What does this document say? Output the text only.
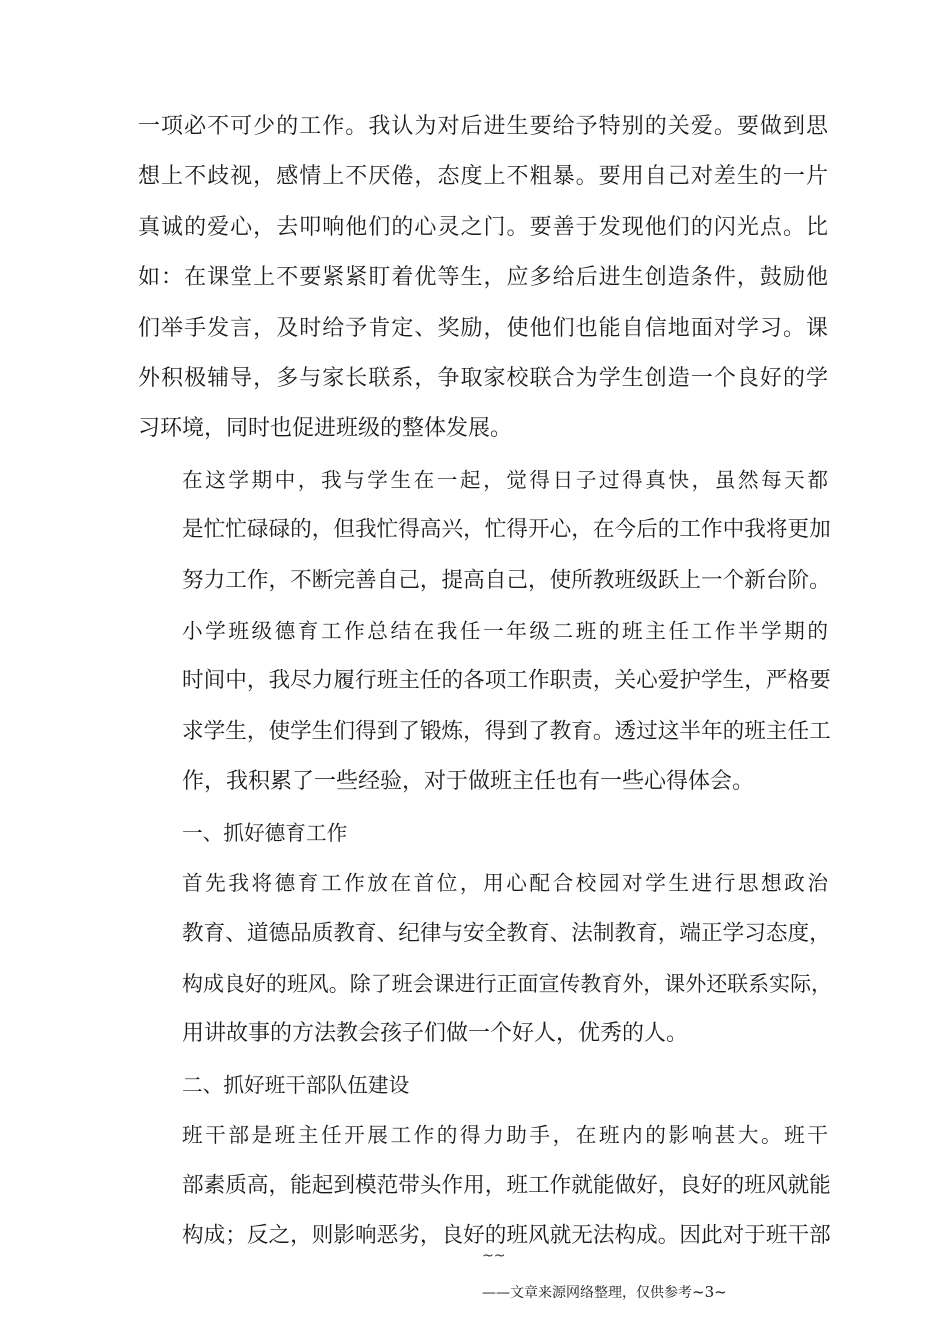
一项必不可少的工作。我认为对后进生要给予特别的关爱。要做到思
想上不歧视，感情上不厌倦，态度上不粗暴。要用自己对差生的一片
真诚的爱心，去叩响他们的心灵之门。要善于发现他们的闪光点。比
如：在课堂上不要紧紧盯着优等生，应多给后进生创造条件，鼓励他
们举手发言，及时给予肯定、奖励，使他们也能自信地面对学习。课
外积极辅导，多与家长联系，争取家校联合为学生创造一个良好的学
习环境，同时也促进班级的整体发展。
在这学期中，我与学生在一起，觉得日子过得真快，虽然每天都
是忙忙碌碌的，但我忙得高兴，忙得开心，在今后的工作中我将更加
努力工作，不断完善自己，提高自己，使所教班级跃上一个新台阶。
小学班级德育工作总结在我任一年级二班的班主任工作半学期的
时间中，我尽力履行班主任的各项工作职责，关心爱护学生，严格要
求学生，使学生们得到了锻炼，得到了教育。透过这半年的班主任工
作，我积累了一些经验，对于做班主任也有一些心得体会。
一、抓好德育工作
首先我将德育工作放在首位，用心配合校园对学生进行思想政治
教育、道德品质教育、纪律与安全教育、法制教育，端正学习态度，
构成良好的班风。除了班会课进行正面宣传教育外，课外还联系实际，
用讲故事的方法教会孩子们做一个好人，优秀的人。
二、抓好班干部队伍建设
班干部是班主任开展工作的得力助手，在班内的影响甚大。班干
部素质高，能起到模范带头作用，班工作就能做好，良好的班风就能
构成；反之，则影响恶劣，良好的班风就无法构成。因此对于班干部
~~
——文章来源网络整理，仅供参考~3~
